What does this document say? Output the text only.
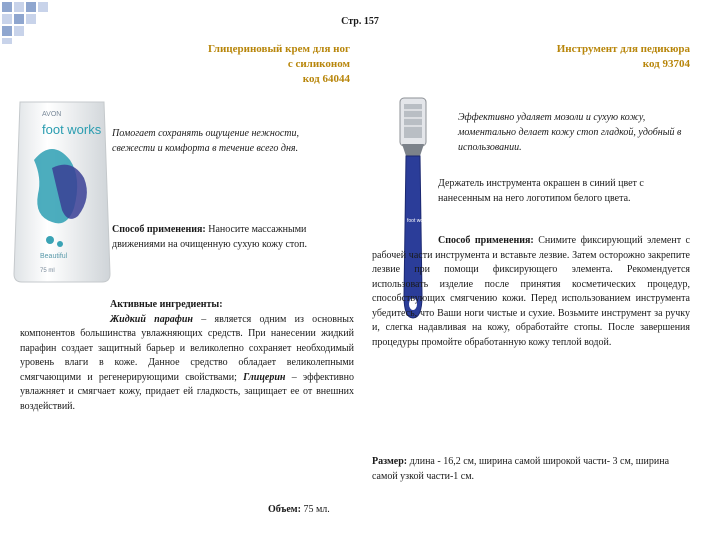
Стр. 157
Глицериновый крем для ног
с силиконом
код 64044
AVON
foot works
Beautiful
75 ml
Помогает сохранять ощущение нежности, свежести и комфорта в течение всего дня.
Способ применения: Наносите массажными движениями на очищенную сухую кожу стоп.
Активные ингредиенты:
Жидкий парафин – является одним из основных компонентов большинства увлажняющих средств. При нанесении жидкий парафин создает защитный барьер и великолепно сохраняет необходимый уровень влаги в коже. Данное средство обладает великолепными смягчающими и регенерирующими свойствами; Глицерин – эффективно увлажняет и смягчает кожу, придает ей гладкость, защищает ее от внешних воздействий.
Объем: 75 мл.
Инструмент для педикюра
код 93704
foot works
Эффективно удаляет мозоли и сухую кожу, моментально делает кожу стоп гладкой, удобный в использовании.
Держатель инструмента окрашен в синий цвет с нанесенным на него логотипом белого цвета.
Способ применения: Снимите фиксирующий элемент с рабочей части инструмента и вставьте лезвие. Затем осторожно закрепите лезвие при помощи фиксирующего элемента. Рекомендуется использовать изделие после принятия косметических процедур, способствующих смягчению кожи. Перед использованием инструмента убедитесь, что Ваши ноги чистые и сухие. Возьмите инструмент за ручку и, слегка надавливая на кожу, обработайте стопы. После завершения процедуры промойте обработанную кожу теплой водой.
Размер: длина - 16,2 см, ширина самой широкой части- 3 см, ширина самой узкой части-1 см.
